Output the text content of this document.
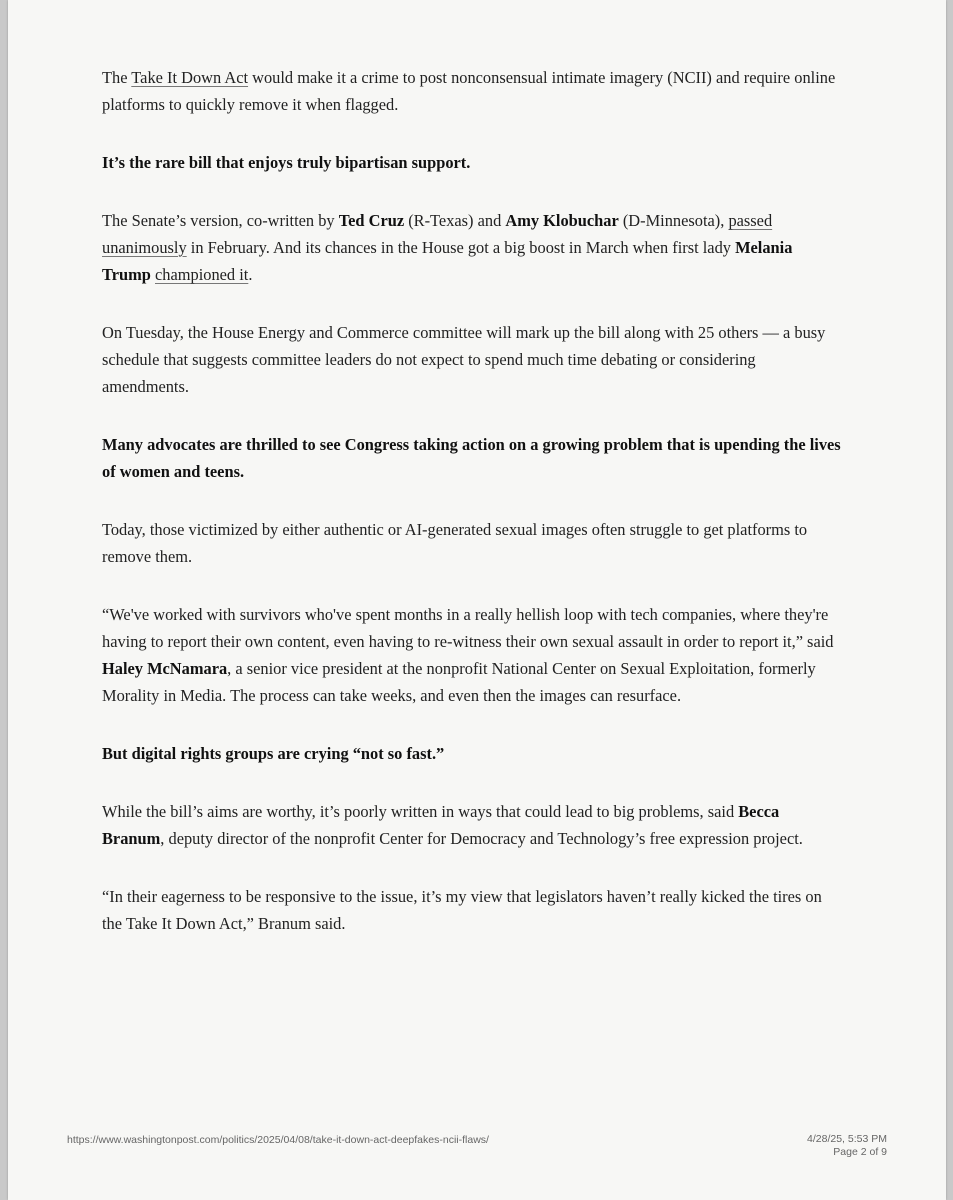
The Take It Down Act would make it a crime to post nonconsensual intimate imagery (NCII) and require online platforms to quickly remove it when flagged.

It’s the rare bill that enjoys truly bipartisan support.

The Senate’s version, co-written by Ted Cruz (R-Texas) and Amy Klobuchar (D-Minnesota), passed unanimously in February. And its chances in the House got a big boost in March when first lady Melania Trump championed it.

On Tuesday, the House Energy and Commerce committee will mark up the bill along with 25 others — a busy schedule that suggests committee leaders do not expect to spend much time debating or considering amendments.

Many advocates are thrilled to see Congress taking action on a growing problem that is upending the lives of women and teens.

Today, those victimized by either authentic or AI-generated sexual images often struggle to get platforms to remove them.

“We've worked with survivors who've spent months in a really hellish loop with tech companies, where they're having to report their own content, even having to re-witness their own sexual assault in order to report it,” said Haley McNamara, a senior vice president at the nonprofit National Center on Sexual Exploitation, formerly Morality in Media. The process can take weeks, and even then the images can resurface.

But digital rights groups are crying “not so fast.”

While the bill’s aims are worthy, it’s poorly written in ways that could lead to big problems, said Becca Branum, deputy director of the nonprofit Center for Democracy and Technology’s free expression project.

“In their eagerness to be responsive to the issue, it’s my view that legislators haven’t really kicked the tires on the Take It Down Act,” Branum said.

https://www.washingtonpost.com/politics/2025/04/08/take-it-down-act-deepfakes-ncii-flaws/	4/28/25, 5:53 PM
Page 2 of 9
